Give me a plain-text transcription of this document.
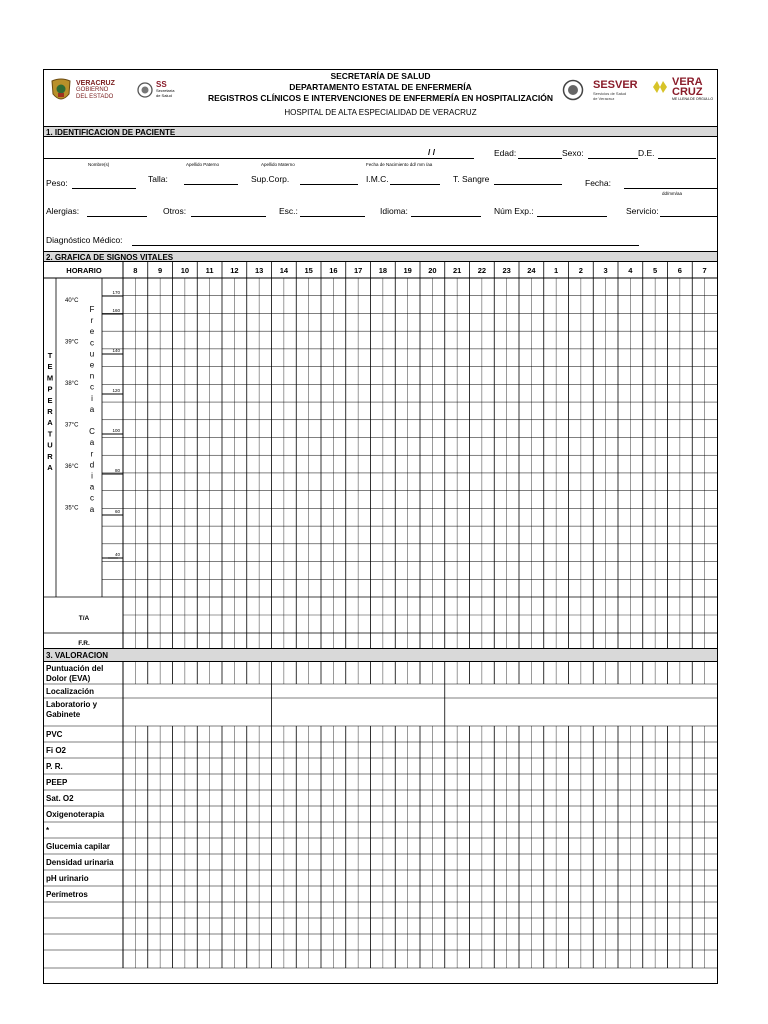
SECRETARÍA DE SALUD
DEPARTAMENTO ESTATAL DE ENFERMERÍA
REGISTROS CLÍNICOS E INTERVENCIONES DE ENFERMERÍA EN HOSPITALIZACIÓN
HOSPITAL DE ALTA ESPECIALIDAD DE VERACRUZ
VERACRUZ
GOBIERNO
DEL ESTADO
SS
Secretaría
de Salud
SESVER
Servicios de Salud
de Veracruz
VERA
CRUZ
ME LLENA DE ORGULLO
1. IDENTIFICACION DE PACIENTE
/ /	Edad:	Sexo:	D.E.
Nombre(s)	Apellido Paterno	Apellido Materno	Fecha de Nacimiento dd/ mm /aa
Peso:	Talla:	Sup.Corp.	I.M.C.	T. Sangre	Fecha:
dd/mm/aa
Alergias:	Otros:	Esc.:	Idioma:	Núm Exp.:	Servicio:
Diagnóstico Médico:
2. GRAFICA DE SIGNOS VITALES
8	9 10 11 12 13 14 15 16 17 18 19 20 21 22 23 24 1	2	3	4	5	6	7
HORARIO
T/A
F.R.
T
E
M
P
E
R
A
T
U
R
A
40°C
39°C
38°C
37°C
36°C
35°C
F
r
e
c
u
e
n
c
i
a
C
a
r
d
i
a
c
a
170
160
140
120
100
80
60
40
3. VALORACION
Puntuación del
Dolor (EVA)
Localización
Laboratorio y
Gabinete
PVC
Fi O2
P. R.
PEEP
Sat. O2
Oxigenoterapia
*
Glucemia capilar
Densidad urinaria
pH urinario
Perímetros
